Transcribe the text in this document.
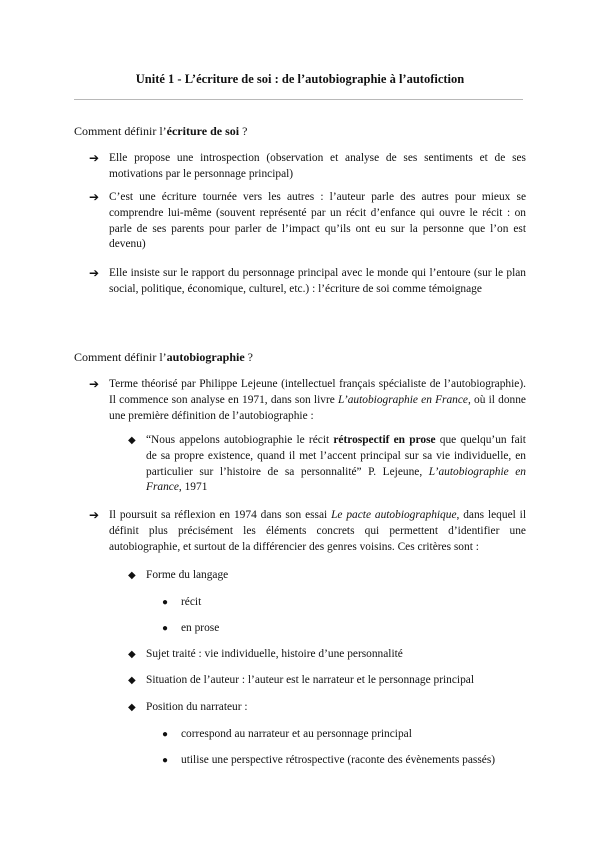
Unité 1 - L’écriture de soi : de l’autobiographie à l’autofiction

Comment définir l’écriture de soi ?

➔ Elle propose une introspection (observation et analyse de ses sentiments et de ses motivations par le personnage principal)

➔ C’est une écriture tournée vers les autres : l’auteur parle des autres pour mieux se comprendre lui-même (souvent représenté par un récit d’enfance qui ouvre le récit : on parle de ses parents pour parler de l’impact qu’ils ont eu sur la personne que l’on est devenu)

➔ Elle insiste sur le rapport du personnage principal avec le monde qui l’entoure (sur le plan social, politique, économique, culturel, etc.) : l’écriture de soi comme témoignage

Comment définir l’autobiographie ?

➔ Terme théorisé par Philippe Lejeune (intellectuel français spécialiste de l’autobiographie). Il commence son analyse en 1971, dans son livre L’autobiographie en France, où il donne une première définition de l’autobiographie :

◆ “Nous appelons autobiographie le récit rétrospectif en prose que quelqu’un fait de sa propre existence, quand il met l’accent principal sur sa vie individuelle, en particulier sur l’histoire de sa personnalité” P. Lejeune, L’autobiographie en France, 1971

➔ Il poursuit sa réflexion en 1974 dans son essai Le pacte autobiographique, dans lequel il définit plus précisément les éléments concrets qui permettent d’identifier une autobiographie, et surtout de la différencier des genres voisins. Ces critères sont :

◆ Forme du langage

● récit

● en prose

◆ Sujet traité : vie individuelle, histoire d’une personnalité

◆ Situation de l’auteur : l’auteur est le narrateur et le personnage principal

◆ Position du narrateur :

● correspond au narrateur et au personnage principal

● utilise une perspective rétrospective (raconte des évènements passés)
